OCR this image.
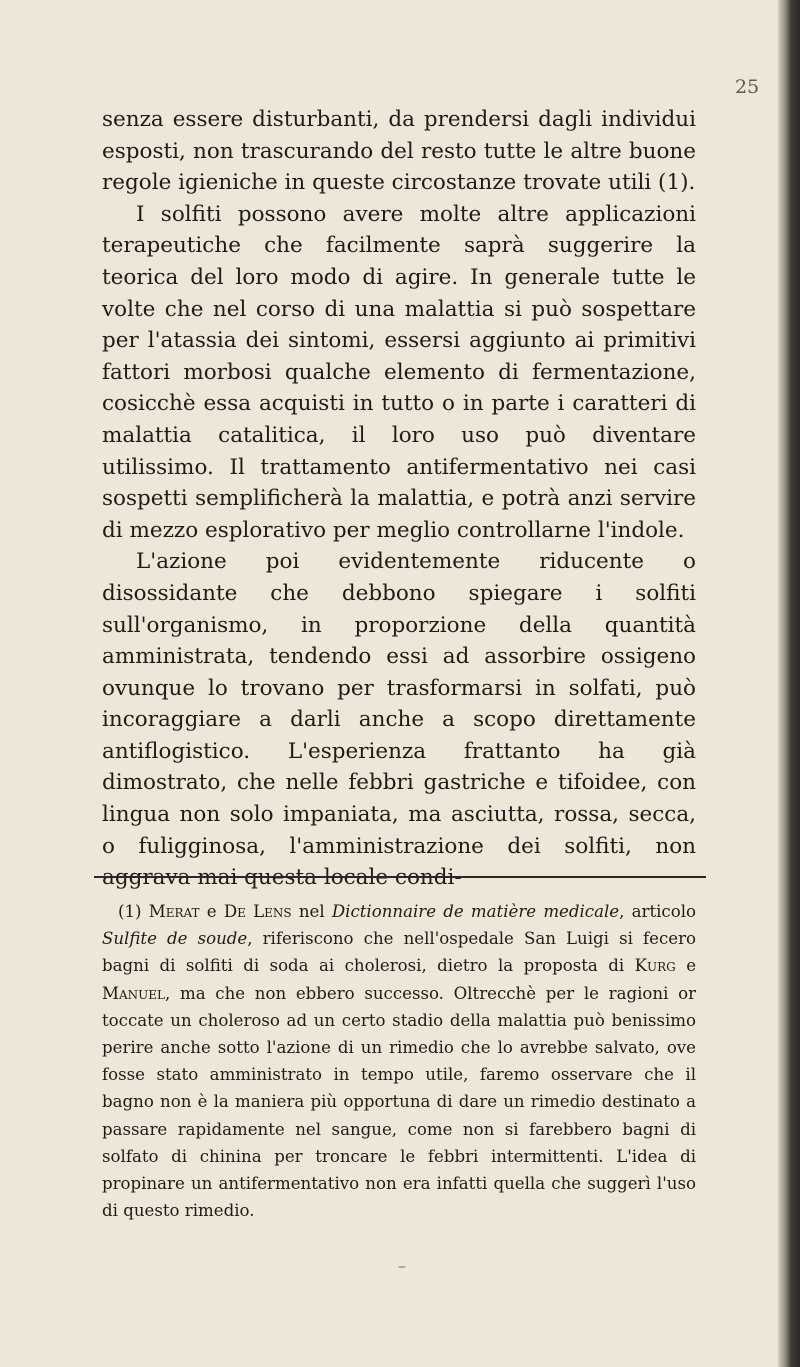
25

senza essere disturbanti, da prendersi dagli individui esposti, non trascurando del resto tutte le altre buone regole igieniche in queste circostanze trovate utili (1).

I solfiti possono avere molte altre applicazioni terapeutiche che facilmente saprà suggerire la teorica del loro modo di agire. In generale tutte le volte che nel corso di una malattia si può sospettare per l'atassia dei sintomi, essersi aggiunto ai primitivi fattori morbosi qualche elemento di fermentazione, cosicchè essa acquisti in tutto o in parte i caratteri di malattia catalitica, il loro uso può diventare utilissimo. Il trattamento antifermentativo nei casi sospetti semplificherà la malattia, e potrà anzi servire di mezzo esplorativo per meglio controllarne l'indole.

L'azione poi evidentemente riducente o disossidante che debbono spiegare i solfiti sull'organismo, in proporzione della quantità amministrata, tendendo essi ad assorbire ossigeno ovunque lo trovano per trasformarsi in solfati, può incoraggiare a darli anche a scopo direttamente antiflogistico. L'esperienza frattanto ha già dimostrato, che nelle febbri gastriche e tifoidee, con lingua non solo impaniata, ma asciutta, rossa, secca, o fuligginosa, l'amministrazione dei solfiti, non aggrava mai questa locale condi-

(1) Merat e De Lens nel Dictionnaire de matière medicale, articolo Sulfite de soude, riferiscono che nell'ospedale San Luigi si fecero bagni di solfiti di soda ai cholerosi, dietro la proposta di Kurg e Manuel, ma che non ebbero successo. Oltrecchè per le ragioni or toccate un choleroso ad un certo stadio della malattia può benissimo perire anche sotto l'azione di un rimedio che lo avrebbe salvato, ove fosse stato amministrato in tempo utile, faremo osservare che il bagno non è la maniera più opportuna di dare un rimedio destinato a passare rapidamente nel sangue, come non si farebbero bagni di solfato di chinina per troncare le febbri intermittenti. L'idea di propinare un antifermentativo non era infatti quella che suggerì l'uso di questo rimedio.
–
